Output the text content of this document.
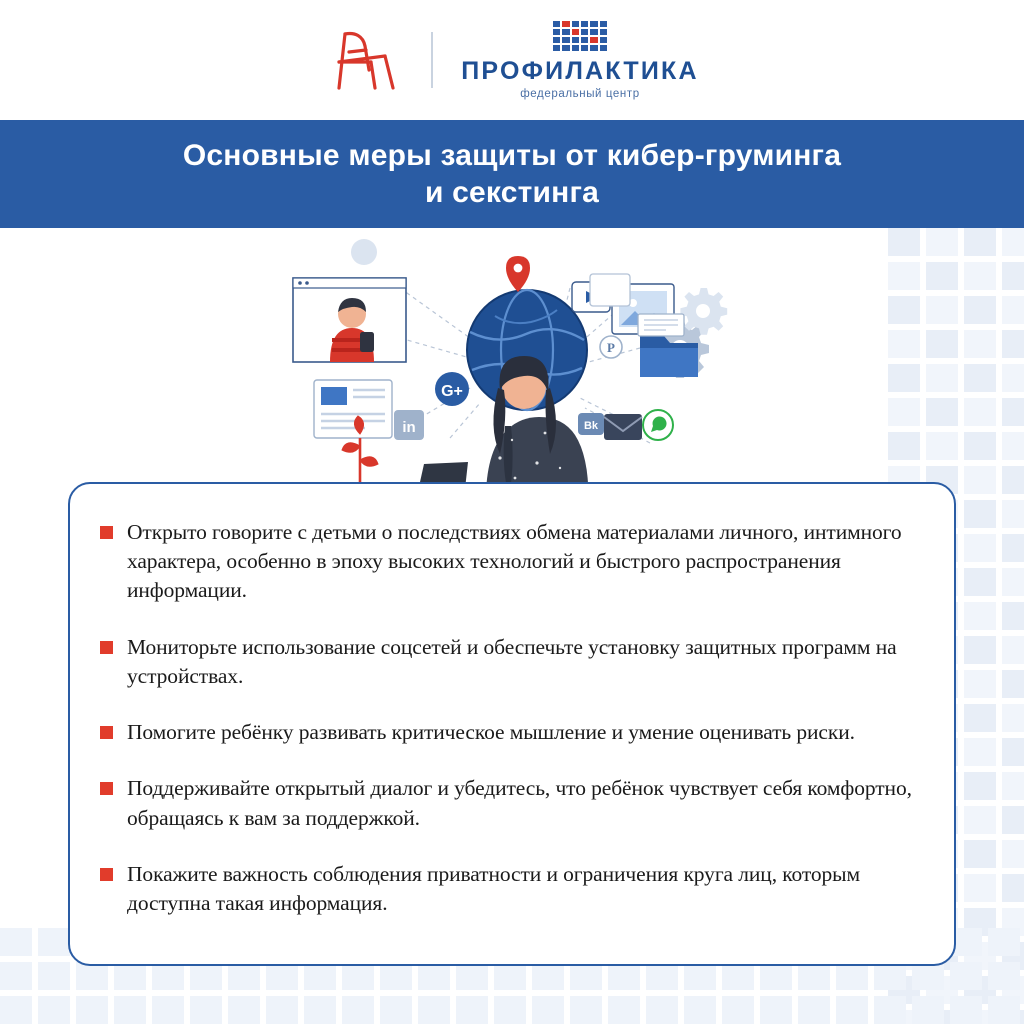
ПРОФИЛАКТИКА
федеральный центр
Основные меры защиты от кибер-груминга
и секстинга
G+
in	Bk
P
Открыто говорите с детьми о последствиях обмена материалами личного, интимного характера, особенно в эпоху высоких технологий и быстрого распространения информации.
Мониторьте использование соцсетей и обеспечьте установку защитных программ на устройствах.
Помогите ребёнку развивать критическое мышление и умение оценивать риски.
Поддерживайте открытый диалог и убедитесь, что ребёнок чувствует себя комфортно, обращаясь к вам за поддержкой.
Покажите важность соблюдения приватности и ограничения круга лиц, которым доступна такая информация.
